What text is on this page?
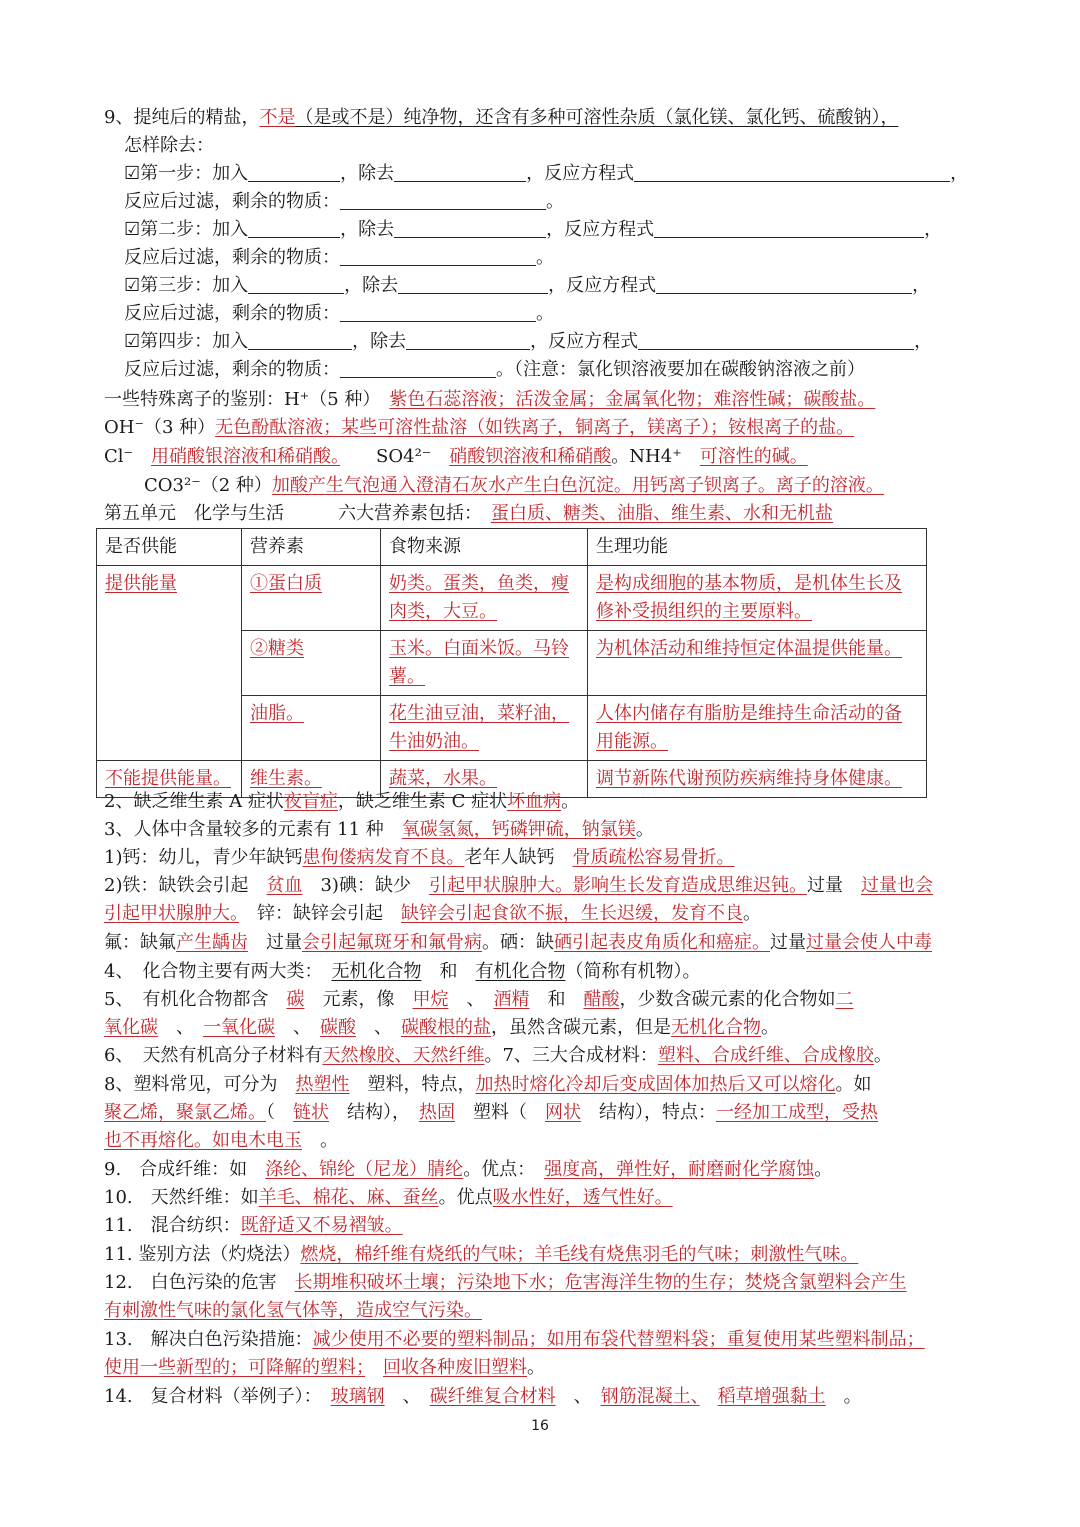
9、提纯后的精盐，不是（是或不是）纯净物，还含有多种可溶性杂质（氯化镁、氯化钙、硫酸钠），
怎样除去：
☑第一步：加入	，除去	，反应方程式	，
反应后过滤，剩余的物质：	。
☑第二步：加入	，除去	，反应方程式	，
反应后过滤，剩余的物质：	。
☑第三步：加入	，除去	，反应方程式	，
反应后过滤，剩余的物质：	。
☑第四步：加入	，除去	，反应方程式	，
反应后过滤，剩余的物质：	。（注意：氯化钡溶液要加在碳酸钠溶液之前）
一些特殊离子的鉴别：H⁺（5 种）　 紫色石蕊溶液；活泼金属；金属氧化物；难溶性碱；碳酸盐。
OH⁻（3 种）无色酚酞溶液；某些可溶性盐溶（如铁离子，铜离子，镁离子）；铵根离子的盐。
Cl⁻　 用硝酸银溶液和稀硝酸。　　 SO4²⁻　 硝酸钡溶液和稀硝酸。NH4⁺　 可溶性的碱。
CO3²⁻（2 种）加酸产生气泡通入澄清石灰水产生白色沉淀。用钙离子钡离子。离子的溶液。
第五单元　化学与生活　　　	六大营养素包括：　 蛋白质、糖类、油脂、维生素、水和无机盐
是否供能	营养素	食物来源	生理功能
提供能量	①蛋白质	奶类。蛋类，鱼类，瘦肉类，大豆。	是构成细胞的基本物质，是机体生长及修补受损组织的主要原料。
	②糖类	玉米。白面米饭。马铃薯。	为机体活动和维持恒定体温提供能量。
	油脂。	花生油豆油，菜籽油，牛油奶油。	人体内储存有脂肪是维持生命活动的备用能源。
不能提供能量。	维生素。	蔬菜，水果。	调节新陈代谢预防疾病维持身体健康。
2、缺乏维生素 A 症状夜盲症，缺乏维生素 C 症状坏血病。
3、人体中含量较多的元素有 11 种　 氧碳氢氮，钙磷钾硫，钠氯镁。
1)钙：幼儿，青少年缺钙患佝偻病发育不良。老年人缺钙　 骨质疏松容易骨折。
2)铁：缺铁会引起　 贫血　 3)碘：缺少　 引起甲状腺肿大。影响生长发育造成思维迟钝。过量　 过量也会
引起甲状腺肿大。　 锌：缺锌会引起　 缺锌会引起食欲不振，生长迟缓，发育不良。
氟：缺氟产生龋齿　 过量会引起氟斑牙和氟骨病。硒：缺硒引起表皮角质化和癌症。过量过量会使人中毒
4、　化合物主要有两大类：　 无机化合物　 和　 有机化合物（简称有机物）。
5、　有机化合物都含　 碳　 元素，像　 甲烷　 、　 酒精　 和　 醋酸，少数含碳元素的化合物如二
氧化碳　 、　 一氧化碳　 、　 碳酸　 、　 碳酸根的盐，虽然含碳元素，但是无机化合物。
6、　天然有机高分子材料有天然橡胶、天然纤维。7、三大合成材料：塑料、合成纤维、合成橡胶。
8、塑料常见，可分为　 热塑性　 塑料，特点，加热时熔化冷却后变成固体加热后又可以熔化。如
聚乙烯，聚氯乙烯。（　 链状　 结构），　 热固　 塑料（　 网状　 结构），特点：一经加工成型，受热
也不再熔化。如电木电玉　 。
9.　合成纤维：如　 涤纶、锦纶（尼龙）腈纶。优点：　 强度高，弹性好，耐磨耐化学腐蚀。
10.　天然纤维：如羊毛、棉花、麻、蚕丝。优点吸水性好，透气性好。
11.　混合纺织：既舒适又不易褶皱。
11. 鉴别方法（灼烧法）燃烧，棉纤维有烧纸的气味；羊毛线有烧焦羽毛的气味；刺激性气味。
12.　白色污染的危害　 长期堆积破坏土壤；污染地下水；危害海洋生物的生存；焚烧含氯塑料会产生
有刺激性气味的氯化氢气体等，造成空气污染。
13.　解决白色污染措施：减少使用不必要的塑料制品；如用布袋代替塑料袋；重复使用某些塑料制品；
使用一些新型的；可降解的塑料；　 回收各种废旧塑料。
14.　复合材料（举例子）：　 玻璃钢　 、　 碳纤维复合材料　 、　 钢筋混凝土、　 稻草增强黏土　 。
16
